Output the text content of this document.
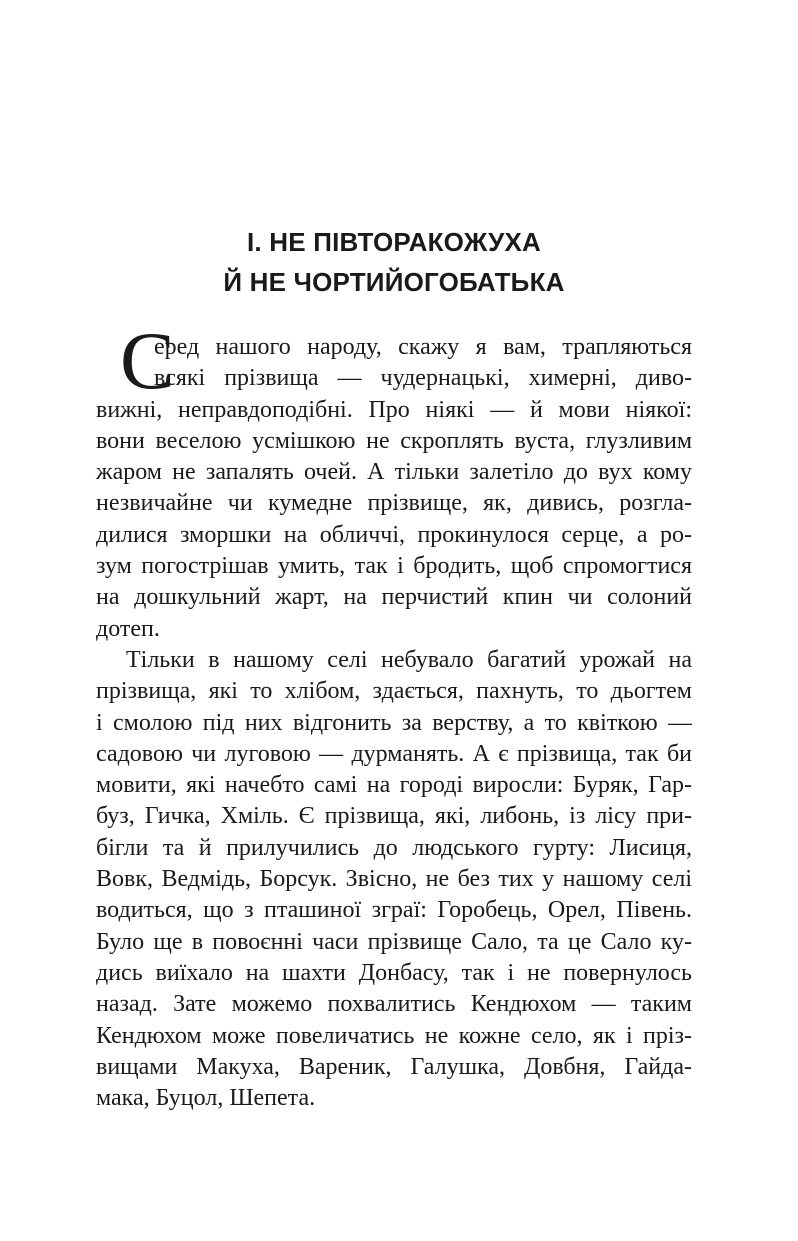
І. НЕ ПІВТОРАКОЖУХА
Й НЕ ЧОРТИЙОГОБАТЬКА
С
еред нашого народу, скажу я вам, трапляються
всякі прізвища — чудернацькі, химерні, диво-
вижні, неправдоподібні. Про ніякі — й мови ніякої:
вони веселою усмішкою не скроплять вуста, глузливим
жаром не запалять очей. А тільки залетіло до вух кому
незвичайне чи кумедне прізвище, як, дивись, розгла-
дилися зморшки на обличчі, прокинулося серце, а ро-
зум погострішав умить, так і бродить, щоб спромогтися
на дошкульний жарт, на перчистий кпин чи солоний
дотеп.
Тільки в нашому селі небувало багатий урожай на
прізвища, які то хлібом, здається, пахнуть, то дьогтем
і смолою під них відгонить за верству, а то квіткою —
садовою чи луговою — дурманять. А є прізвища, так би
мовити, які начебто самі на городі виросли: Буряк, Гар-
буз, Гичка, Хміль. Є прізвища, які, либонь, із лісу при-
бігли та й прилучились до людського гурту: Лисиця,
Вовк, Ведмідь, Борсук. Звісно, не без тих у нашому селі
водиться, що з пташиної зграї: Горобець, Орел, Півень.
Було ще в повоєнні часи прізвище Сало, та це Сало ку-
дись виїхало на шахти Донбасу, так і не повернулось
назад. Зате можемо похвалитись Кендюхом — таким
Кендюхом може повеличатись не кожне село, як і пріз-
вищами Макуха, Вареник, Галушка, Довбня, Гайда-
мака, Буцол, Шепета.
